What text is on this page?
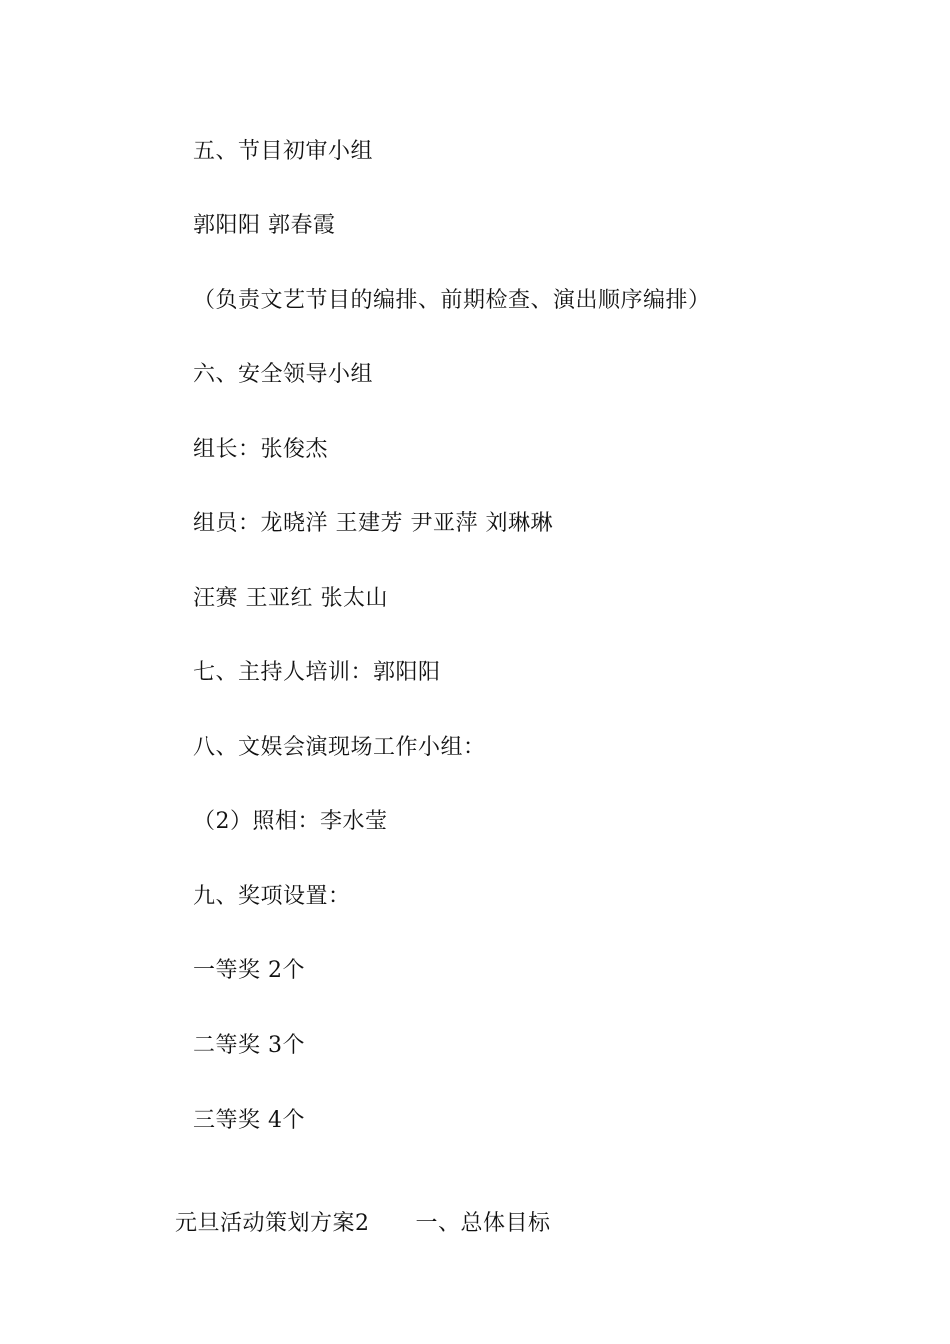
五、节目初审小组
郭阳阳 郭春霞
（负责文艺节目的编排、前期检查、演出顺序编排）
六、安全领导小组
组长：张俊杰
组员：龙晓洋 王建芳 尹亚萍 刘琳琳
汪赛 王亚红 张太山
七、主持人培训：郭阳阳
八、文娱会演现场工作小组：
（2）照相：李水莹
九、奖项设置：
一等奖 2个
二等奖 3个
三等奖 4个

元旦活动策划方案2 一、总体目标
